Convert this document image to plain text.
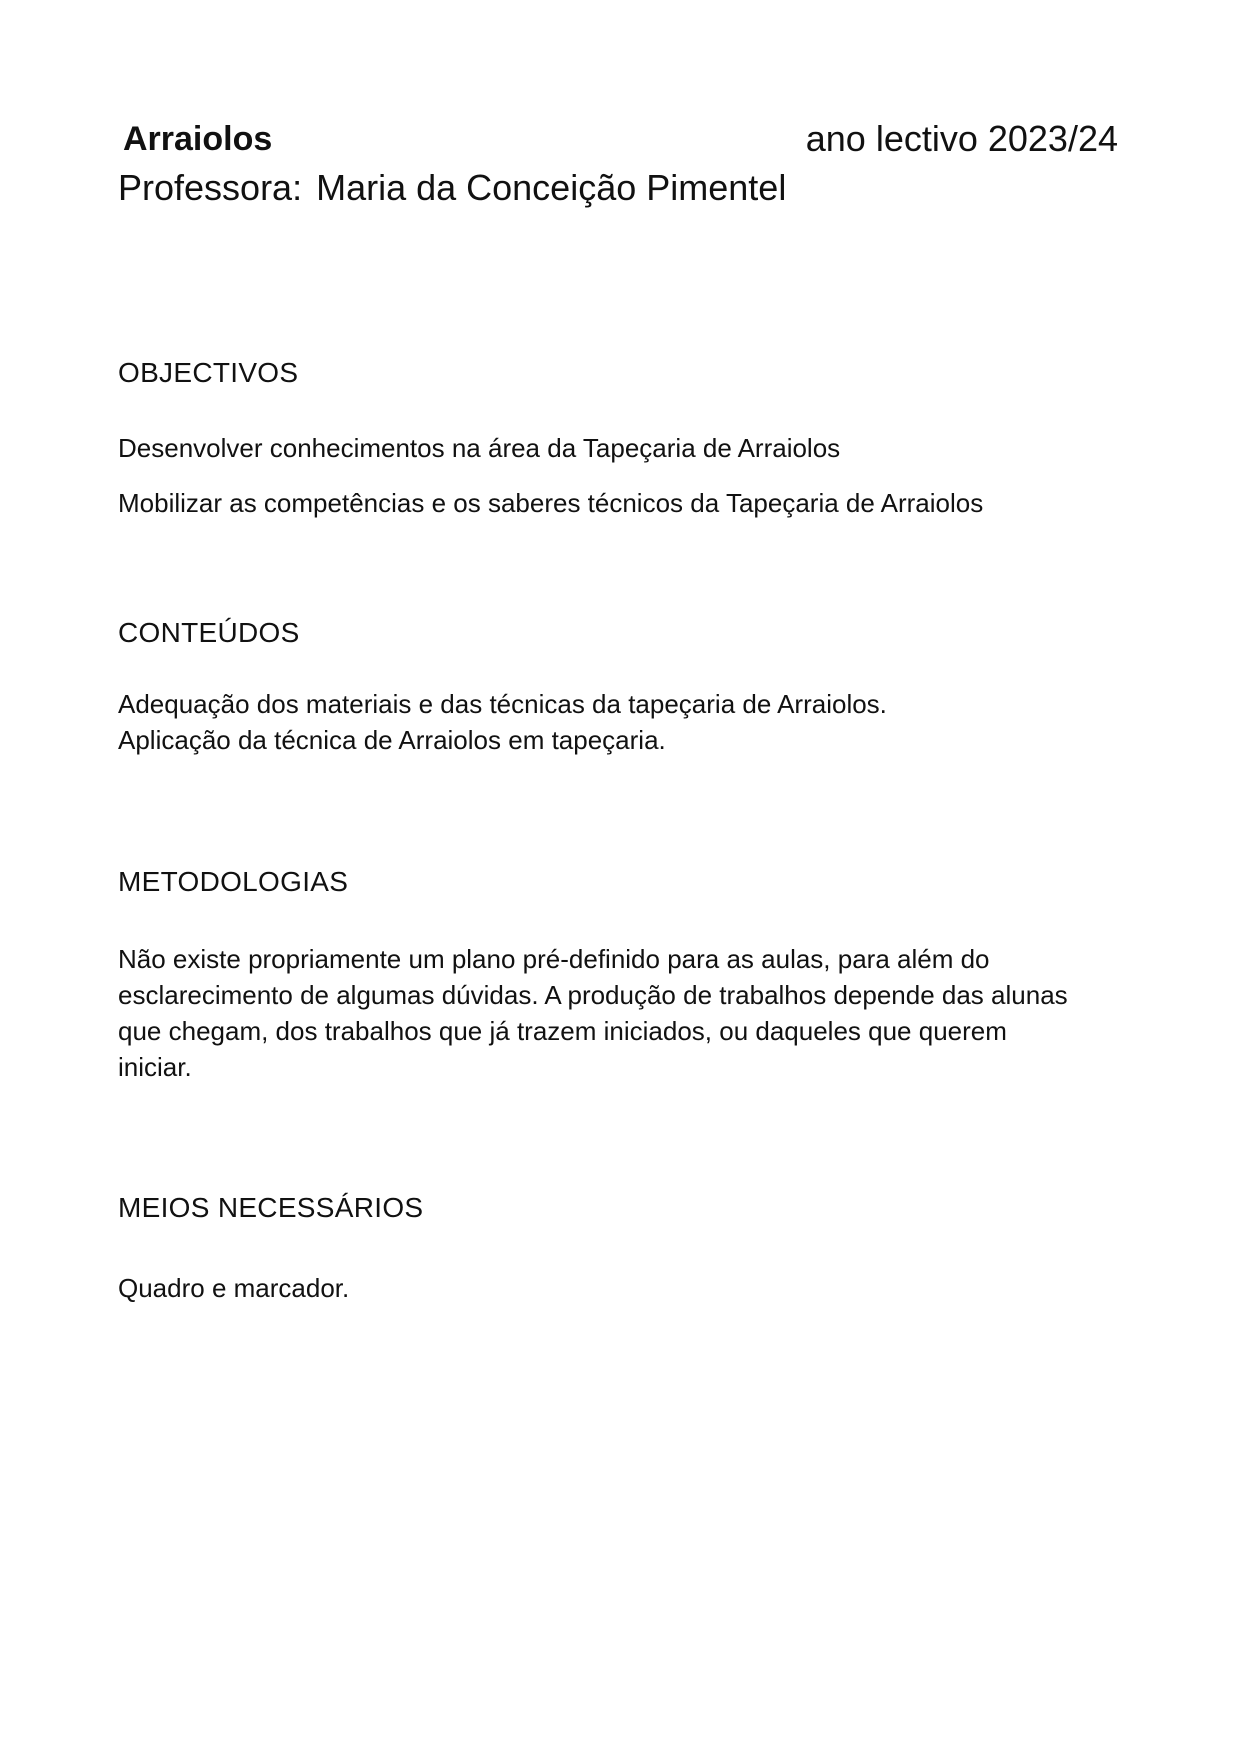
Arraiolos	ano lectivo 2023/24
Professora: Maria da Conceição Pimentel
OBJECTIVOS
Desenvolver conhecimentos na área da Tapeçaria de Arraiolos
Mobilizar as competências e os saberes técnicos da Tapeçaria de Arraiolos
CONTEÚDOS
Adequação dos materiais e das técnicas da tapeçaria de Arraiolos.
Aplicação da técnica de Arraiolos em tapeçaria.
METODOLOGIAS
Não existe propriamente um plano pré-definido para as aulas, para além do
esclarecimento de algumas dúvidas. A produção de trabalhos depende das alunas
que chegam, dos trabalhos que já trazem iniciados, ou daqueles que querem
iniciar.
MEIOS NECESSÁRIOS
Quadro e marcador.
